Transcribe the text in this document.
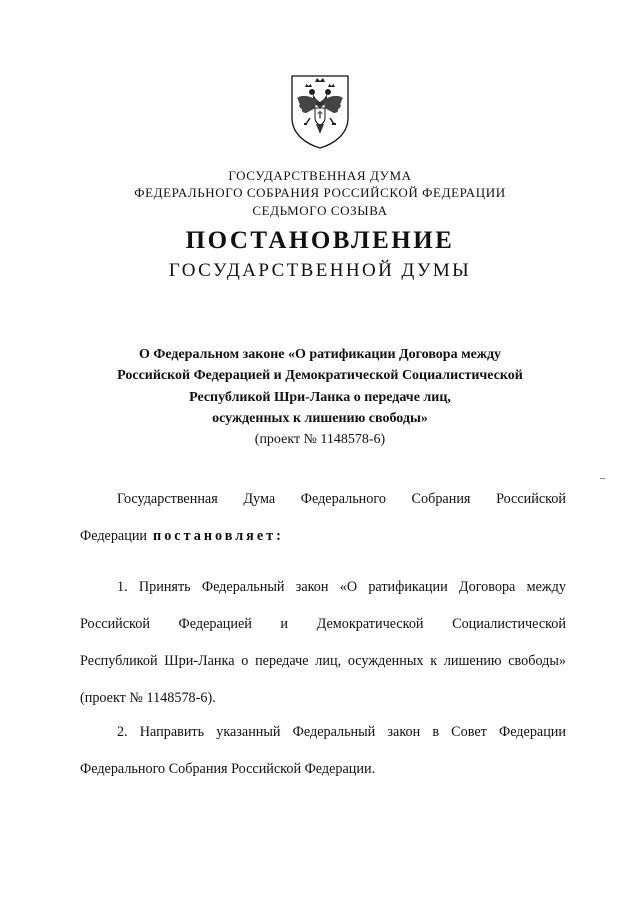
ГОСУДАРСТВЕННАЯ ДУМА
ФЕДЕРАЛЬНОГО СОБРАНИЯ РОССИЙСКОЙ ФЕДЕРАЦИИ
СЕДЬМОГО СОЗЫВА
ПОСТАНОВЛЕНИЕ
ГОСУДАРСТВЕННОЙ ДУМЫ
О Федеральном законе «О ратификации Договора между
Российской Федерацией и Демократической Социалистической
Республикой Шри-Ланка о передаче лиц,
осужденных к лишению свободы»
(проект № 1148578-6)
Государственная Дума Федерального Собрания Российской
Федерации постановляет:
1. Принять Федеральный закон «О ратификации Договора между
Российской Федерацией и Демократической Социалистической
Республикой Шри-Ланка о передаче лиц, осужденных к лишению свободы»
(проект № 1148578-6).
2. Направить указанный Федеральный закон в Совет Федерации
Федерального Собрания Российской Федерации.
